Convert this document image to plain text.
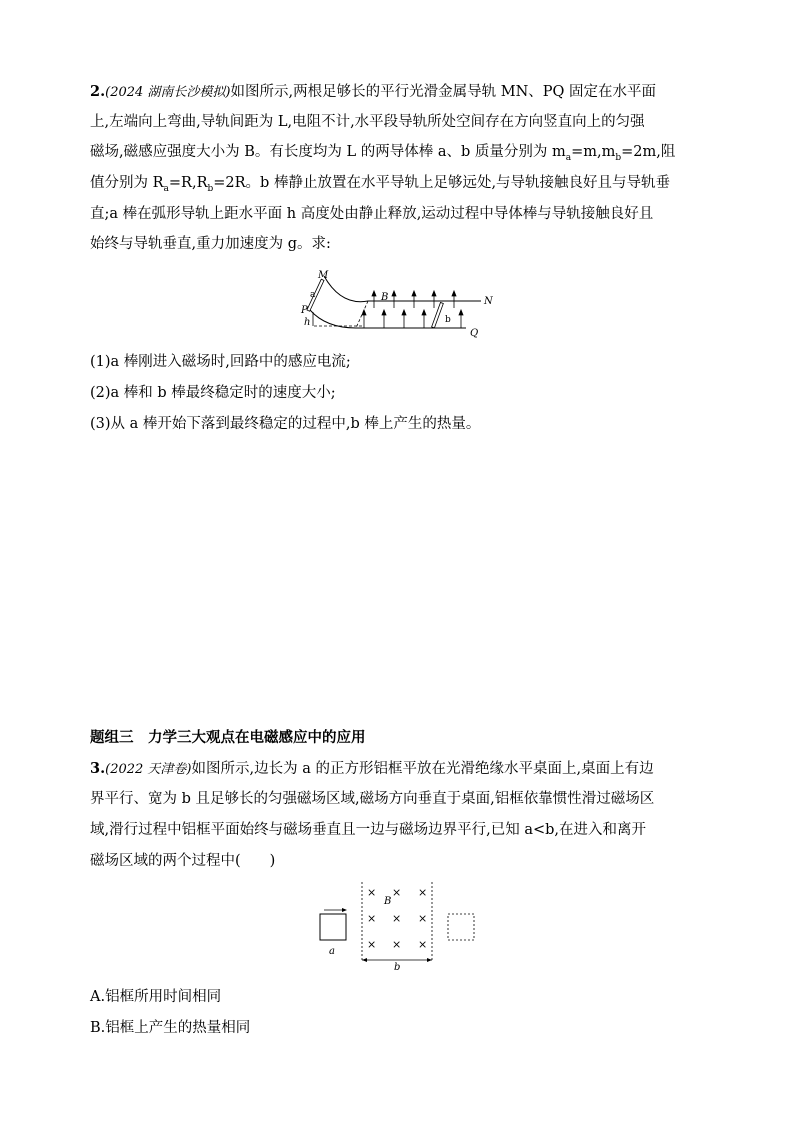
2.(2024 湖南长沙模拟)如图所示,两根足够长的平行光滑金属导轨 MN、PQ 固定在水平面
上,左端向上弯曲,导轨间距为 L,电阻不计,水平段导轨所处空间存在方向竖直向上的匀强
磁场,磁感应强度大小为 B。有长度均为 L 的两导体棒 a、b 质量分别为 $m_a=m,m_b=2m$,阻
值分别为 $R_a=R,R_b=2R$。b 棒静止放置在水平导轨上足够远处,与导轨接触良好且与导轨垂
直;a 棒在弧形导轨上距水平面 h 高度处由静止释放,运动过程中导体棒与导轨接触良好且
始终与导轨垂直,重力加速度为 g。求:
M
a
P
h
B
b
N
Q
(1)a 棒刚进入磁场时,回路中的感应电流;
(2)a 棒和 b 棒最终稳定时的速度大小;
(3)从 a 棒开始下落到最终稳定的过程中,b 棒上产生的热量。
题组三　力学三大观点在电磁感应中的应用
3.(2022 天津卷)如图所示,边长为 a 的正方形铝框平放在光滑绝缘水平桌面上,桌面上有边
界平行、宽为 b 且足够长的匀强磁场区域,磁场方向垂直于桌面,铝框依靠惯性滑过磁场区
域,滑行过程中铝框平面始终与磁场垂直且一边与磁场边界平行,已知 a<b,在进入和离开
磁场区域的两个过程中(　　)
a
× × ×
× × ×
× × ×
B
b
A.铝框所用时间相同
B.铝框上产生的热量相同
